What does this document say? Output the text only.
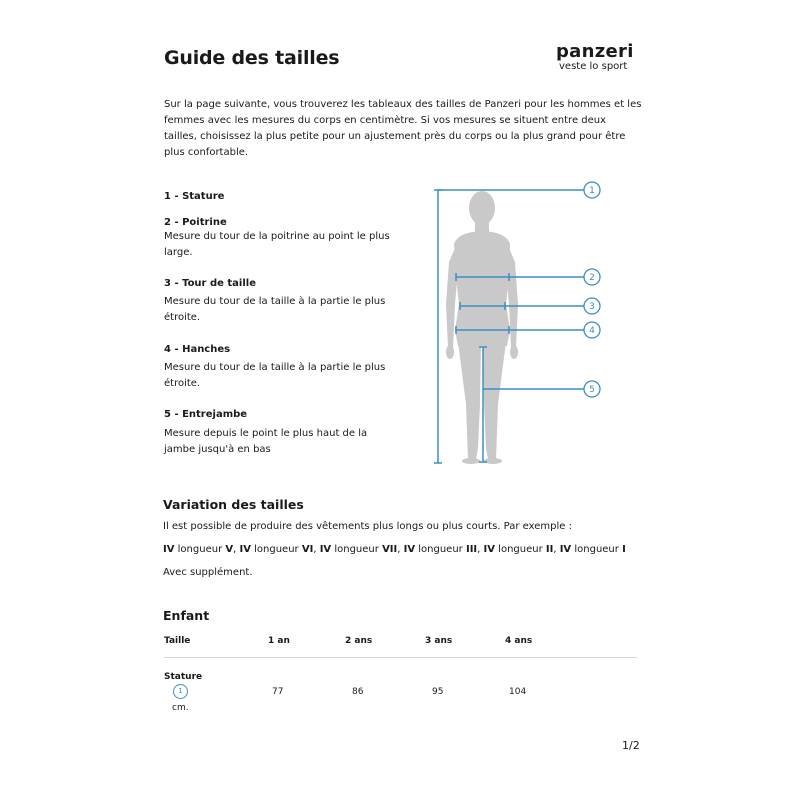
Guide des tailles	panzeri
veste lo sport
Sur la page suivante, vous trouverez les tableaux des tailles de Panzeri pour les hommes et les femmes avec les mesures du corps en centimètre. Si vos mesures se situent entre deux tailles, choisissez la plus petite pour un ajustement près du corps ou la plus grand pour être plus confortable.
1 - Stature
2 - Poitrine
Mesure du tour de la poitrine au point le plus large.
3 - Tour de taille
Mesure du tour de la taille à la partie le plus étroite.
4 - Hanches
Mesure du tour de la taille à la partie le plus étroite.
5 - Entrejambe
Mesure depuis le point le plus haut de la jambe jusqu'à en bas
1
2
3
4
5
Variation des tailles
Il est possible de produire des vêtements plus longs ou plus courts. Par exemple :
IV longueur V, IV longueur VI, IV longueur VII, IV longueur III, IV longueur II, IV longueur I
Avec supplément.
Enfant
Taille	1 an	2 ans	3 ans	4 ans
Stature
1
cm.
77	86	95	104
1/2
